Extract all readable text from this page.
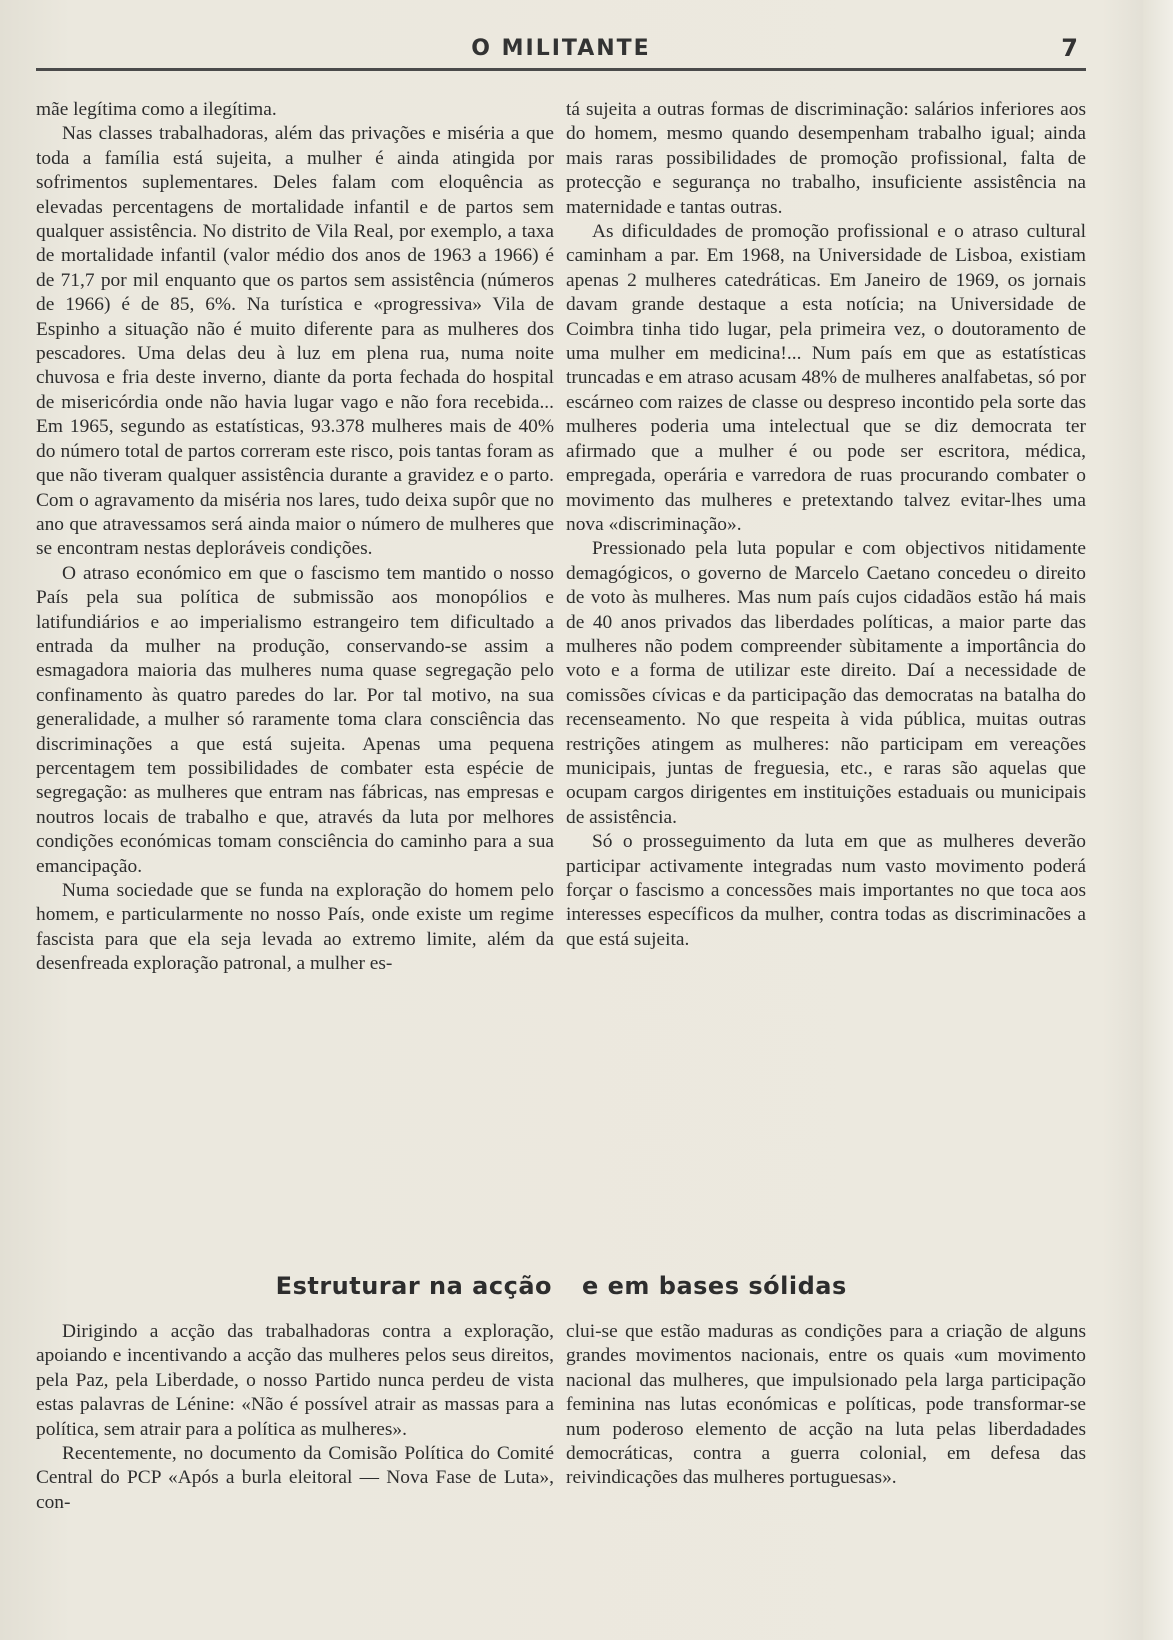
O MILITANTE	7

mãe legítima como a ilegítima.

Nas classes trabalhadoras, além das privações e miséria a que toda a família está sujeita, a mulher é ainda atingida por sofrimentos suplementares. Deles falam com eloquência as elevadas percentagens de mortalidade infantil e de partos sem qualquer assistência. No distrito de Vila Real, por exemplo, a taxa de mortalidade infantil (valor médio dos anos de 1963 a 1966) é de 71,7 por mil enquanto que os partos sem assistência (números de 1966) é de 85, 6%. Na turística e «progressiva» Vila de Espinho a situação não é muito diferente para as mulheres dos pescadores. Uma delas deu à luz em plena rua, numa noite chuvosa e fria deste inverno, diante da porta fechada do hospital de misericórdia onde não havia lugar vago e não fora recebida... Em 1965, segundo as estatísticas, 93.378 mulheres mais de 40% do número total de partos correram este risco, pois tantas foram as que não tiveram qualquer assistência durante a gravidez e o parto. Com o agravamento da miséria nos lares, tudo deixa supôr que no ano que atravessamos será ainda maior o número de mulheres que se encontram nestas deploráveis condições.

O atraso económico em que o fascismo tem mantido o nosso País pela sua política de submissão aos monopólios e latifundiários e ao imperialismo estrangeiro tem dificultado a entrada da mulher na produção, conservando-se assim a esmagadora maioria das mulheres numa quase segregação pelo confinamento às quatro paredes do lar. Por tal motivo, na sua generalidade, a mulher só raramente toma clara consciência das discriminações a que está sujeita. Apenas uma pequena percentagem tem possibilidades de combater esta espécie de segregação: as mulheres que entram nas fábricas, nas empresas e noutros locais de trabalho e que, através da luta por melhores condições económicas tomam consciência do caminho para a sua emancipação.

Numa sociedade que se funda na exploração do homem pelo homem, e particularmente no nosso País, onde existe um regime fascista para que ela seja levada ao extremo limite, além da desenfreada exploração patronal, a mulher es-

tá sujeita a outras formas de discriminação: salários inferiores aos do homem, mesmo quando desempenham trabalho igual; ainda mais raras possibilidades de promoção profissional, falta de protecção e segurança no trabalho, insuficiente assistência na maternidade e tantas outras.

As dificuldades de promoção profissional e o atraso cultural caminham a par. Em 1968, na Universidade de Lisboa, existiam apenas 2 mulheres catedráticas. Em Janeiro de 1969, os jornais davam grande destaque a esta notícia; na Universidade de Coimbra tinha tido lugar, pela primeira vez, o doutoramento de uma mulher em medicina!... Num país em que as estatísticas truncadas e em atraso acusam 48% de mulheres analfabetas, só por escárneo com raizes de classe ou despreso incontido pela sorte das mulheres poderia uma intelectual que se diz democrata ter afirmado que a mulher é ou pode ser escritora, médica, empregada, operária e varredora de ruas procurando combater o movimento das mulheres e pretextando talvez evitar-lhes uma nova «discriminação».

Pressionado pela luta popular e com objectivos nitidamente demagógicos, o governo de Marcelo Caetano concedeu o direito de voto às mulheres. Mas num país cujos cidadãos estão há mais de 40 anos privados das liberdades políticas, a maior parte das mulheres não podem compreender sùbitamente a importância do voto e a forma de utilizar este direito. Daí a necessidade de comissões cívicas e da participação das democratas na batalha do recenseamento. No que respeita à vida pública, muitas outras restrições atingem as mulheres: não participam em vereações municipais, juntas de freguesia, etc., e raras são aquelas que ocupam cargos dirigentes em instituições estaduais ou municipais de assistência.

Só o prosseguimento da luta em que as mulheres deverão participar activamente integradas num vasto movimento poderá forçar o fascismo a concessões mais importantes no que toca aos interesses específicos da mulher, contra todas as discriminacões a que está sujeita.

Estruturar na acção e em bases sólidas

Dirigindo a acção das trabalhadoras contra a exploração, apoiando e incentivando a acção das mulheres pelos seus direitos, pela Paz, pela Liberdade, o nosso Partido nunca perdeu de vista estas palavras de Lénine: «Não é possível atrair as massas para a política, sem atrair para a política as mulheres».

Recentemente, no documento da Comisão Política do Comité Central do PCP «Após a burla eleitoral — Nova Fase de Luta», con-

clui-se que estão maduras as condições para a criação de alguns grandes movimentos nacionais, entre os quais «um movimento nacional das mulheres, que impulsionado pela larga participação feminina nas lutas económicas e políticas, pode transformar-se num poderoso elemento de acção na luta pelas liberdadades democráticas, contra a guerra colonial, em defesa das reivindicações das mulheres portuguesas».
